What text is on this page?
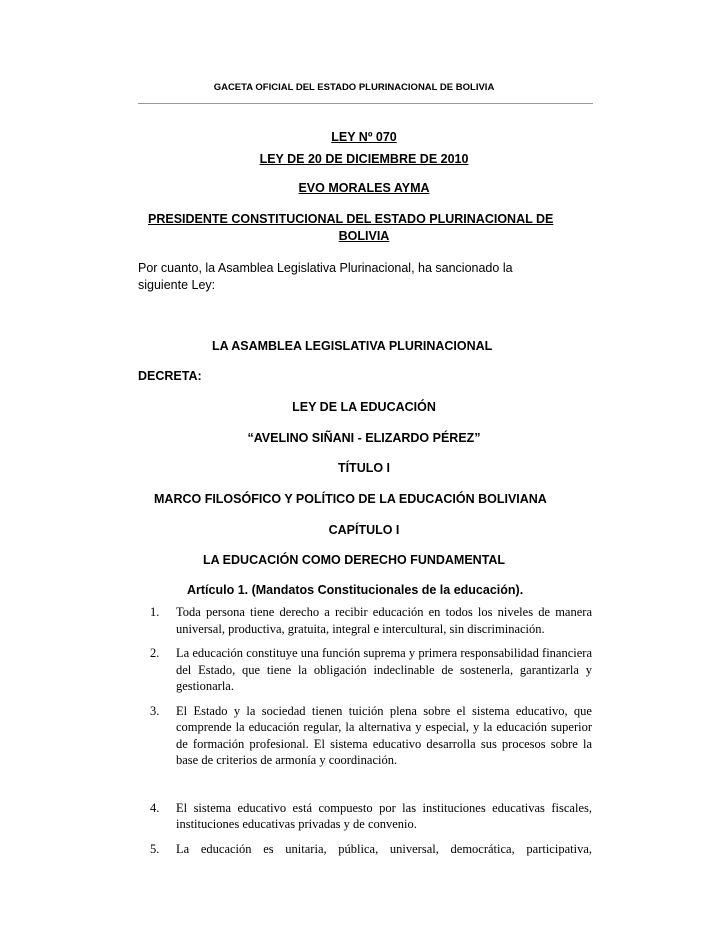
GACETA OFICIAL DEL ESTADO PLURINACIONAL DE BOLIVIA
LEY Nº 070
LEY DE 20 DE DICIEMBRE DE 2010
EVO MORALES AYMA
PRESIDENTE CONSTITUCIONAL DEL ESTADO PLURINACIONAL DE
BOLIVIA
Por cuanto, la Asamblea Legislativa Plurinacional, ha sancionado la
siguiente Ley:
LA ASAMBLEA LEGISLATIVA PLURINACIONAL
DECRETA:
LEY DE LA EDUCACIÓN
“AVELINO SIÑANI - ELIZARDO PÉREZ”
TÍTULO I
MARCO FILOSÓFICO Y POLÍTICO DE LA EDUCACIÓN BOLIVIANA
CAPÍTULO I
LA EDUCACIÓN COMO DERECHO FUNDAMENTAL
Artículo 1. (Mandatos Constitucionales de la educación).
1.	Toda persona tiene derecho a recibir educación en todos los niveles de manera universal, productiva, gratuita, integral e intercultural, sin discriminación.
2.	La educación constituye una función suprema y primera responsabilidad financiera del Estado, que tiene la obligación indeclinable de sostenerla, garantizarla y gestionarla.
3.	El Estado y la sociedad tienen tuición plena sobre el sistema educativo, que comprende la educación regular, la alternativa y especial, y la educación superior de formación profesional. El sistema educativo desarrolla sus procesos sobre la base de criterios de armonía y coordinación.
4.	El sistema educativo está compuesto por las instituciones educativas fiscales, instituciones educativas privadas y de convenio.
5.	La educación es unitaria, pública, universal, democrática, participativa,
